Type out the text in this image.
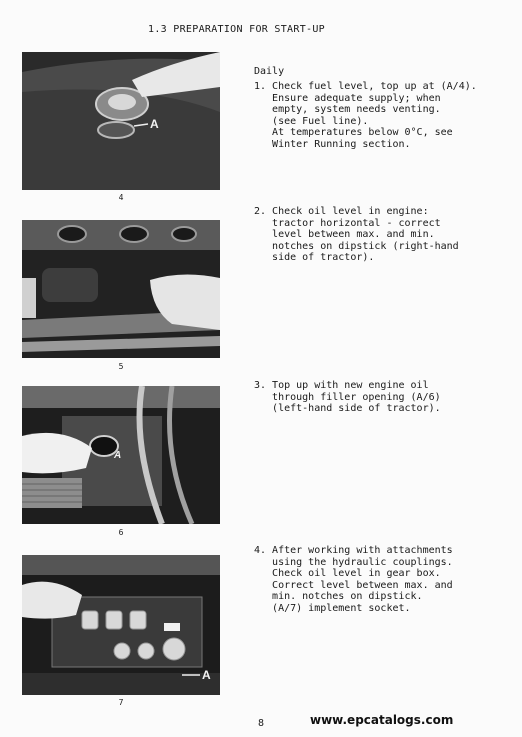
1.3 PREPARATION FOR START-UP
A
4
5
A
6
A
7
Daily
1. Check fuel level, top up at (A/4).
Ensure adequate supply; when
empty, system needs venting.
(see Fuel line).
At temperatures below 0°C, see
Winter Running section.
2. Check oil level in engine:
tractor horizontal - correct
level between max. and min.
notches on dipstick (right-hand
side of tractor).
3. Top up with new engine oil
through filler opening (A/6)
(left-hand side of tractor).
4. After working with attachments
using the hydraulic couplings.
Check oil level in gear box.
Correct level between max. and
min. notches on dipstick.
(A/7) implement socket.
8	www.epcatalogs.com
